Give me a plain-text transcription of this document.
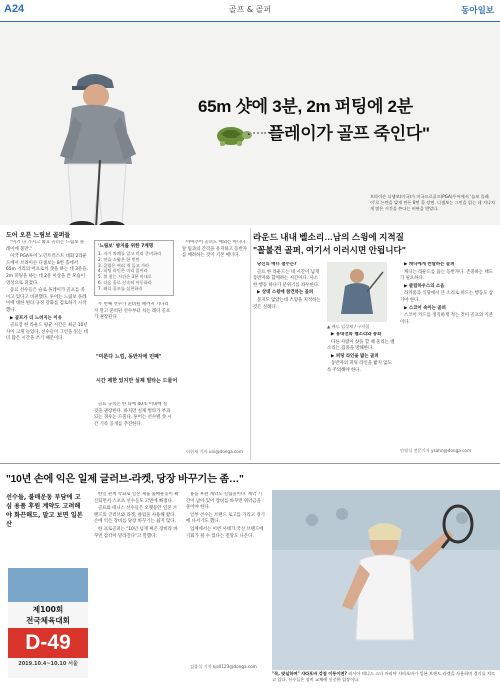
A24	골프 & 골퍼	동아일보
65m 샷에 3분, 2m 퍼팅에 2분
플레이가 골프 죽인다"
브라이슨 디섐보(미국)가 미국프로골프(PGA)투어에서 '늘보 플레이'로 논란을 빚게 만든 8번 홀 장면. 디섐보는 그린을 읽는 데 지나치게 많은 시간을 쓴다는 비판을 받았다.
도어 오픈 느림보 골퍼들

"이거 다 가지고 봐요 골퍼는 느림보 플레이에 불만."

미국 PGA투어 노던트러스트 대회 2라운드에서 브라이슨 디섐보는 8번 홀에서 65m 거리의 어프로치 샷을 하는 데 3분을, 2m 퍼팅을 하는 데 2분 이상을 쓴 모습이 영상으로 퍼졌다.

동료 선수들은 슬로 플레이가 골프를 죽이고 있다고 비판했다. 투어는 느림보 플레이에 대한 벌타 규정 강화를 검토하기 시작했다.

▶ 골프가 더 느려지는 이유

골프장 한 라운드 평균 시간은 최근 10년 사이 크게 늘었다. 선수들이 그린을 읽는 데 더 많은 시간을 쓰기 때문이다.

'느림보' 방지를 위한 7계명
1. 자기 차례를 알고 미리 준비하라
2. 연습 스윙은 한 번만
3. 클럽은 여러 개 들고 가라
4. 퍼팅 라인은 미리 읽어라
5. 볼 찾는 시간은 3분 이내로
6. 다음 홀로 신속히 이동하라
7. 레디 골프를 실천하라

두 번째 선수가 준비될 때까지 기다리지 말고 준비된 선수부터 치는 레디 골프가 권장된다.

"미룬다 느낌, 동반자에 민폐"
시간 제한 있지만 실제 벌타는 드물어

골프 규칙은 한 타에 40초 이내에 칠 것을 권장한다. 하지만 실제 벌타가 부과되는 경우는 드물다. 투어는 선수별 샷 시간 기록 공개를 추진한다.

아마추어 골퍼도 예외는 아니다. 앞 팀과의 간격을 유지하고 동반자를 배려하는 것이 기본 매너다.

이헌재 기자 uni@donga.com
라운드 내내 벨소리…남의 스윙에 지적질
"꼴불견 골퍼, 여기서 이러시면 안됩니다"

당신의 매너 점수는?

골프 한 라운드는 네 시간이 넘게 동반자와 함께하는 시간이다. 사소한 행동 하나가 분위기를 좌우한다.

▶ 상대 스윙에 참견하는 골퍼

묻지도 않았는데 스윙을 지적하는 것은 실례다.

▲ 배드 임성재 / 구자철

▶ 휴대전화 벨소리와 통화

다른 사람이 샷을 할 때 울리는 벨소리는 집중을 방해한다.

▶ 퍼팅 라인을 밟는 골퍼

동반자의 퍼팅 라인을 밟지 않도록 주의해야 한다.

▶ 캐디에게 반말하는 골퍼

캐디는 라운드를 돕는 동반자다. 존중하는 태도가 필요하다.

▶ 클럽하우스의 소음

라커룸과 식당에서 큰 소리로 떠드는 행동도 삼가야 한다.

▶ 스코어 속이는 골퍼

스코어 카드를 정직하게 적는 것이 골프의 기본이다.

안영식 전문기자 ysahn@donga.com
"10년 손에 익은 일제 글러브-라켓, 당장 바꾸기는 좀…"
선수들, 불매운동 부담에 고심 용품 후원 계약도 고려해야 화끈해도, 말고 보면 일본산
제100회
전국체육대회
D-49
2019.10.4~10.10 서울

한일 관계 악화로 일본 제품 불매운동이 확산되면서 스포츠 선수들도 고민에 빠졌다.

골프와 테니스 선수들은 오랫동안 일본 브랜드의 글러브와 라켓, 클럽을 사용해 왔다. 손에 익은 장비를 당장 바꾸기는 쉽지 않다.

한 프로골퍼는 "10년 넘게 써온 장비라 바꾸면 감각이 달라진다"고 말했다.

용품 후원 계약도 걸림돌이다. 계약 기간이 남아 있어 장비를 바꾸면 위약금을 물어야 한다.

일부 선수는 브랜드 로고를 가리고 경기에 나서기도 했다.

업계에서는 이번 사태가 국산 브랜드에 기회가 될 수 있다는 전망도 나온다.

김종석 기자 kjs0123@donga.com
"꼭, 맞실하며" 샤라포바 강점 이동이면? 러시아 테니스 스타 마리야 샤라포바가 일본 브랜드 라켓을 사용하며 경기를 치르고 있다. 선수들은 장비 교체에 신중한 입장이다.
